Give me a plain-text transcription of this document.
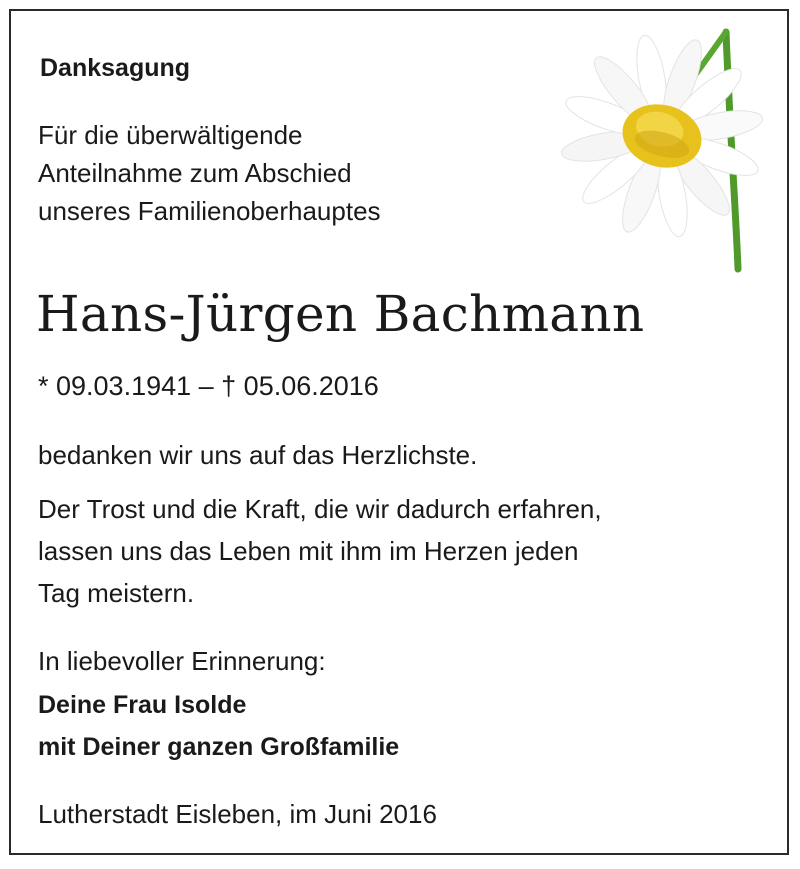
Danksagung

Für die überwältigende
Anteilnahme zum Abschied
unseres Familienoberhauptes

Hans-Jürgen Bachmann

* 09.03.1941 – † 05.06.2016

bedanken wir uns auf das Herzlichste.

Der Trost und die Kraft, die wir dadurch erfahren,
lassen uns das Leben mit ihm im Herzen jeden
Tag meistern.

In liebevoller Erinnerung:

Deine Frau Isolde
mit Deiner ganzen Großfamilie

Lutherstadt Eisleben, im Juni 2016
